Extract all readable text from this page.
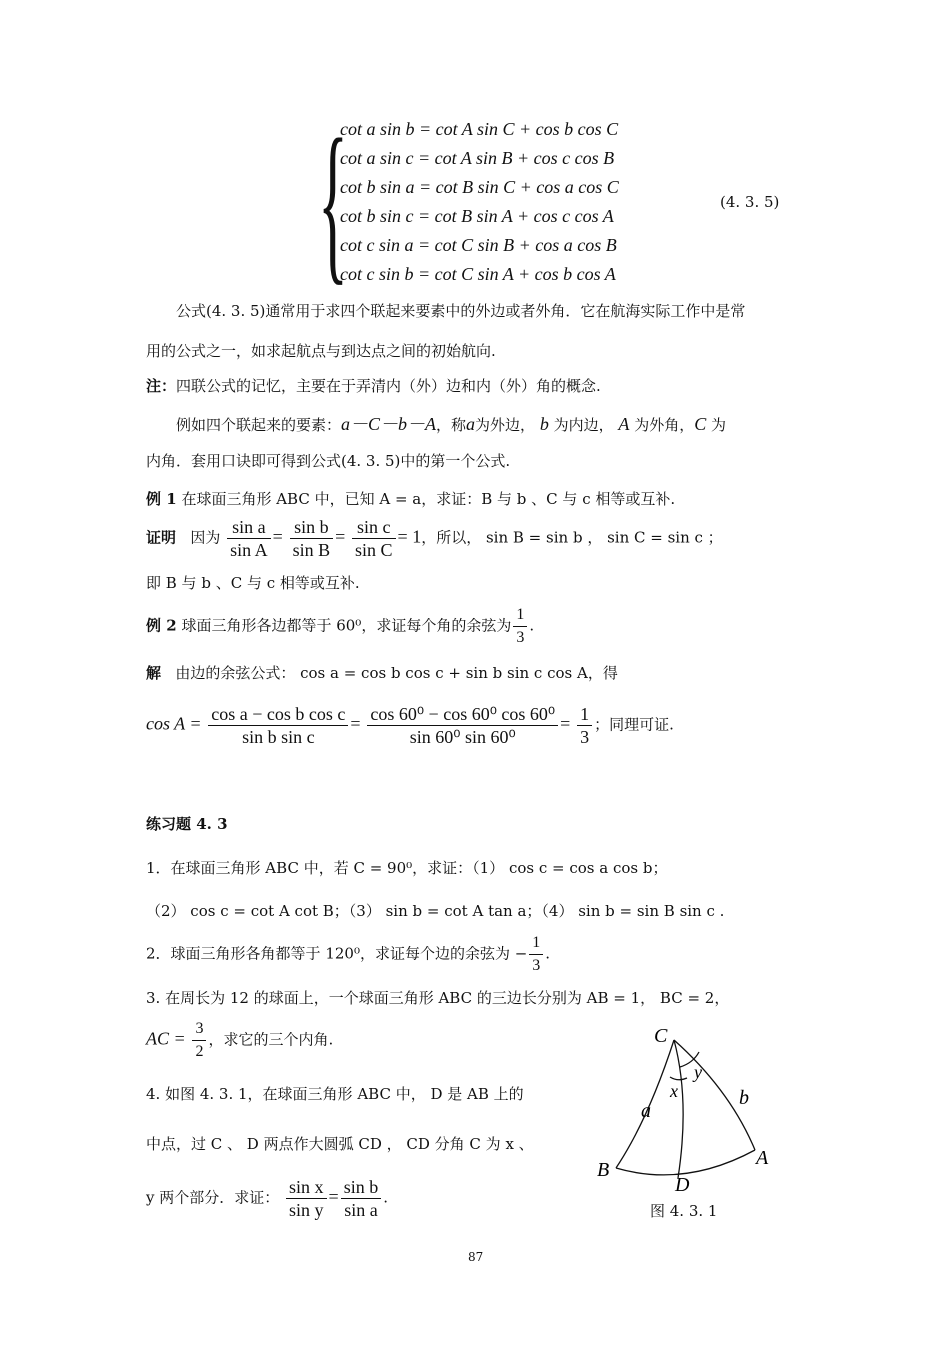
{
cot a sin b = cot A sin C + cos b cos C
cot a sin c = cot A sin B + cos c cos B
cot b sin a = cot B sin C + cos a cos C
cot b sin c = cot B sin A + cos c cos A
cot c sin a = cot C sin B + cos a cos B
cot c sin b = cot C sin A + cos b cos A
(4. 3. 5)
公式(4. 3. 5)通常用于求四个联起来要素中的外边或者外角．它在航海实际工作中是常
用的公式之一，如求起航点与到达点之间的初始航向.
注：四联公式的记忆，主要在于弄清内（外）边和内（外）角的概念.
例如四个联起来的要素：a－C－b－A，称a为外边， b 为内边， A 为外角，C 为
内角．套用口诀即可得到公式(4. 3. 5)中的第一个公式.
例 1 在球面三角形 ABC 中，已知 A = a，求证：B 与 b 、C 与 c 相等或互补.
证明 因为 $\frac{\text{sin a}}{\text{sin A}} = \frac{\text{sin b}}{\text{sin B}} = \frac{\text{sin c}}{\text{sin C}} = 1$，所以， sin B = sin b ， sin C = sin c ；
即 B 与 b 、C 与 c 相等或互补.
例 2 球面三角形各边都等于 60⁰，求证每个角的余弦为 $\frac{1}{3}$ .
解 由边的余弦公式： cos a = cos b cos c + sin b sin c cos A，得
$\cos A = \frac{\text{cos a − cos b cos c}}{\text{sin b sin c}} = \frac{\text{cos 60⁰ − cos 60⁰ cos 60⁰}}{\text{sin 60⁰ sin 60⁰}} = \frac{1}{3}$ ；同理可证.
练习题 4. 3
1．在球面三角形 ABC 中，若 C = 90⁰，求证：（1） cos c = cos a cos b；
（2） cos c = cot A cot B；（3） sin b = cot A tan a；（4） sin b = sin B sin c .
2．球面三角形各角都等于 120⁰，求证每个边的余弦为 − $\frac{1}{3}$ .
3. 在周长为 12 的球面上，一个球面三角形 ABC 的三边长分别为 AB = 1， BC = 2，
AC = $\frac{3}{2}$ ，求它的三个内角.
4. 如图 4. 3. 1，在球面三角形 ABC 中， D 是 AB 上的
中点，过 C 、 D 两点作大圆弧 CD ， CD 分角 C 为 x 、
y 两个部分．求证： $\frac{\text{sin x}}{\text{sin y}} = \frac{\text{sin b}}{\text{sin a}}$ .
C
y
x
a
b
B
A
D
图 4. 3. 1
87
